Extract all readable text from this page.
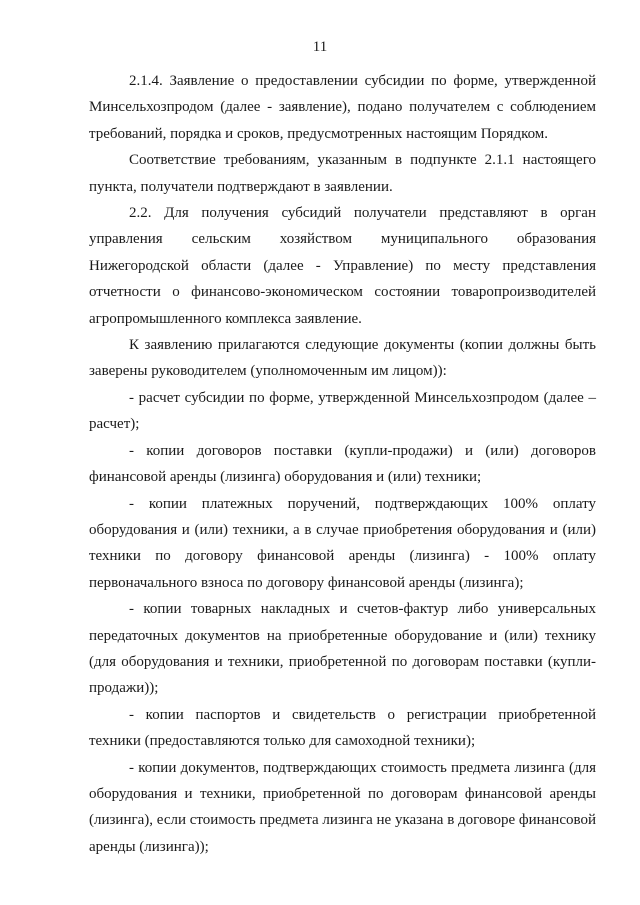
11

2.1.4. Заявление о предоставлении субсидии по форме, утвержденной Минсельхозпродом (далее - заявление), подано получателем с соблюдением требований, порядка и сроков, предусмотренных настоящим Порядком.

Соответствие требованиям, указанным в подпункте 2.1.1 настоящего пункта, получатели подтверждают в заявлении.

2.2. Для получения субсидий получатели представляют в орган управления сельским хозяйством муниципального образования Нижегородской области (далее - Управление) по месту представления отчетности о финансово-экономическом состоянии товаропроизводителей агропромышленного комплекса заявление.

К заявлению прилагаются следующие документы (копии должны быть заверены руководителем (уполномоченным им лицом)):

- расчет субсидии по форме, утвержденной Минсельхозпродом (далее – расчет);

- копии договоров поставки (купли-продажи) и (или) договоров финансовой аренды (лизинга) оборудования и (или) техники;

- копии платежных поручений, подтверждающих 100% оплату оборудования и (или) техники, а в случае приобретения оборудования и (или) техники по договору финансовой аренды (лизинга) - 100% оплату первоначального взноса по договору финансовой аренды (лизинга);

- копии товарных накладных и счетов-фактур либо универсальных передаточных документов на приобретенные оборудование и (или) технику (для оборудования и техники, приобретенной по договорам поставки (купли-продажи));

- копии паспортов и свидетельств о регистрации приобретенной техники (предоставляются только для самоходной техники);

- копии документов, подтверждающих стоимость предмета лизинга (для оборудования и техники, приобретенной по договорам финансовой аренды (лизинга), если стоимость предмета лизинга не указана в договоре финансовой аренды (лизинга));
